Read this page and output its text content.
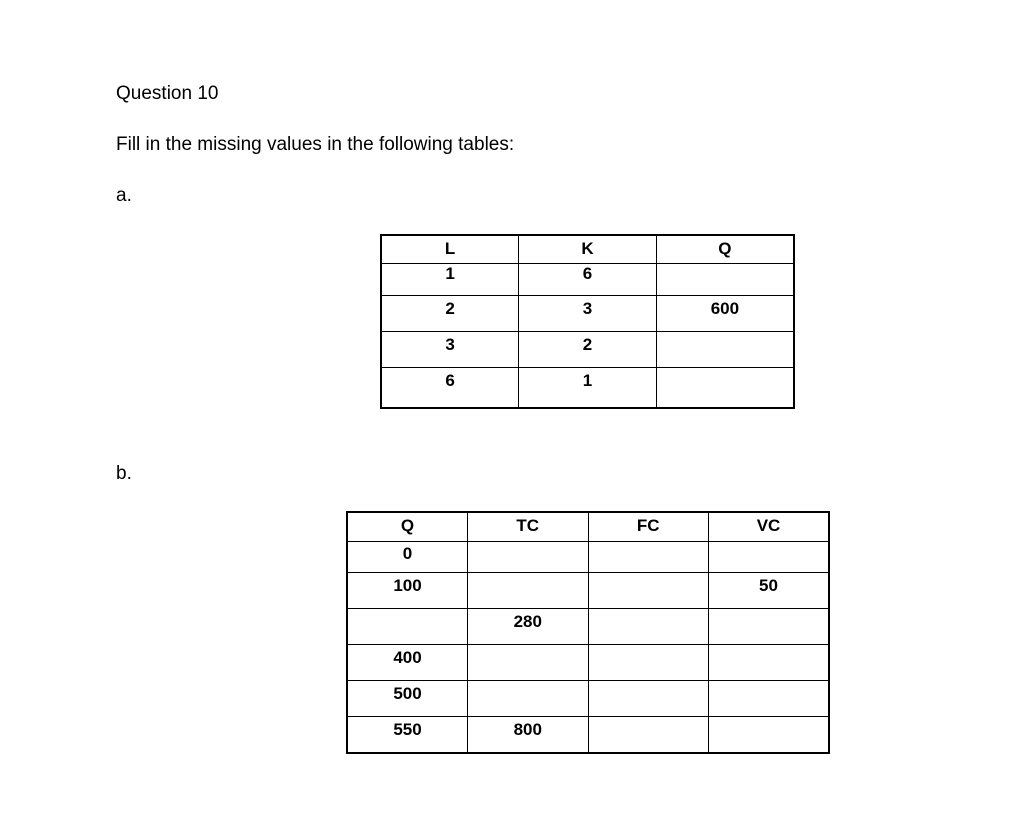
Question 10
Fill in the missing values in the following tables:
a.
L	K	Q
1	6	
2	3	600
3	2	
6	1	
b.
Q	TC	FC	VC
0			
100			50
	280		
400			
500			
550	800		
